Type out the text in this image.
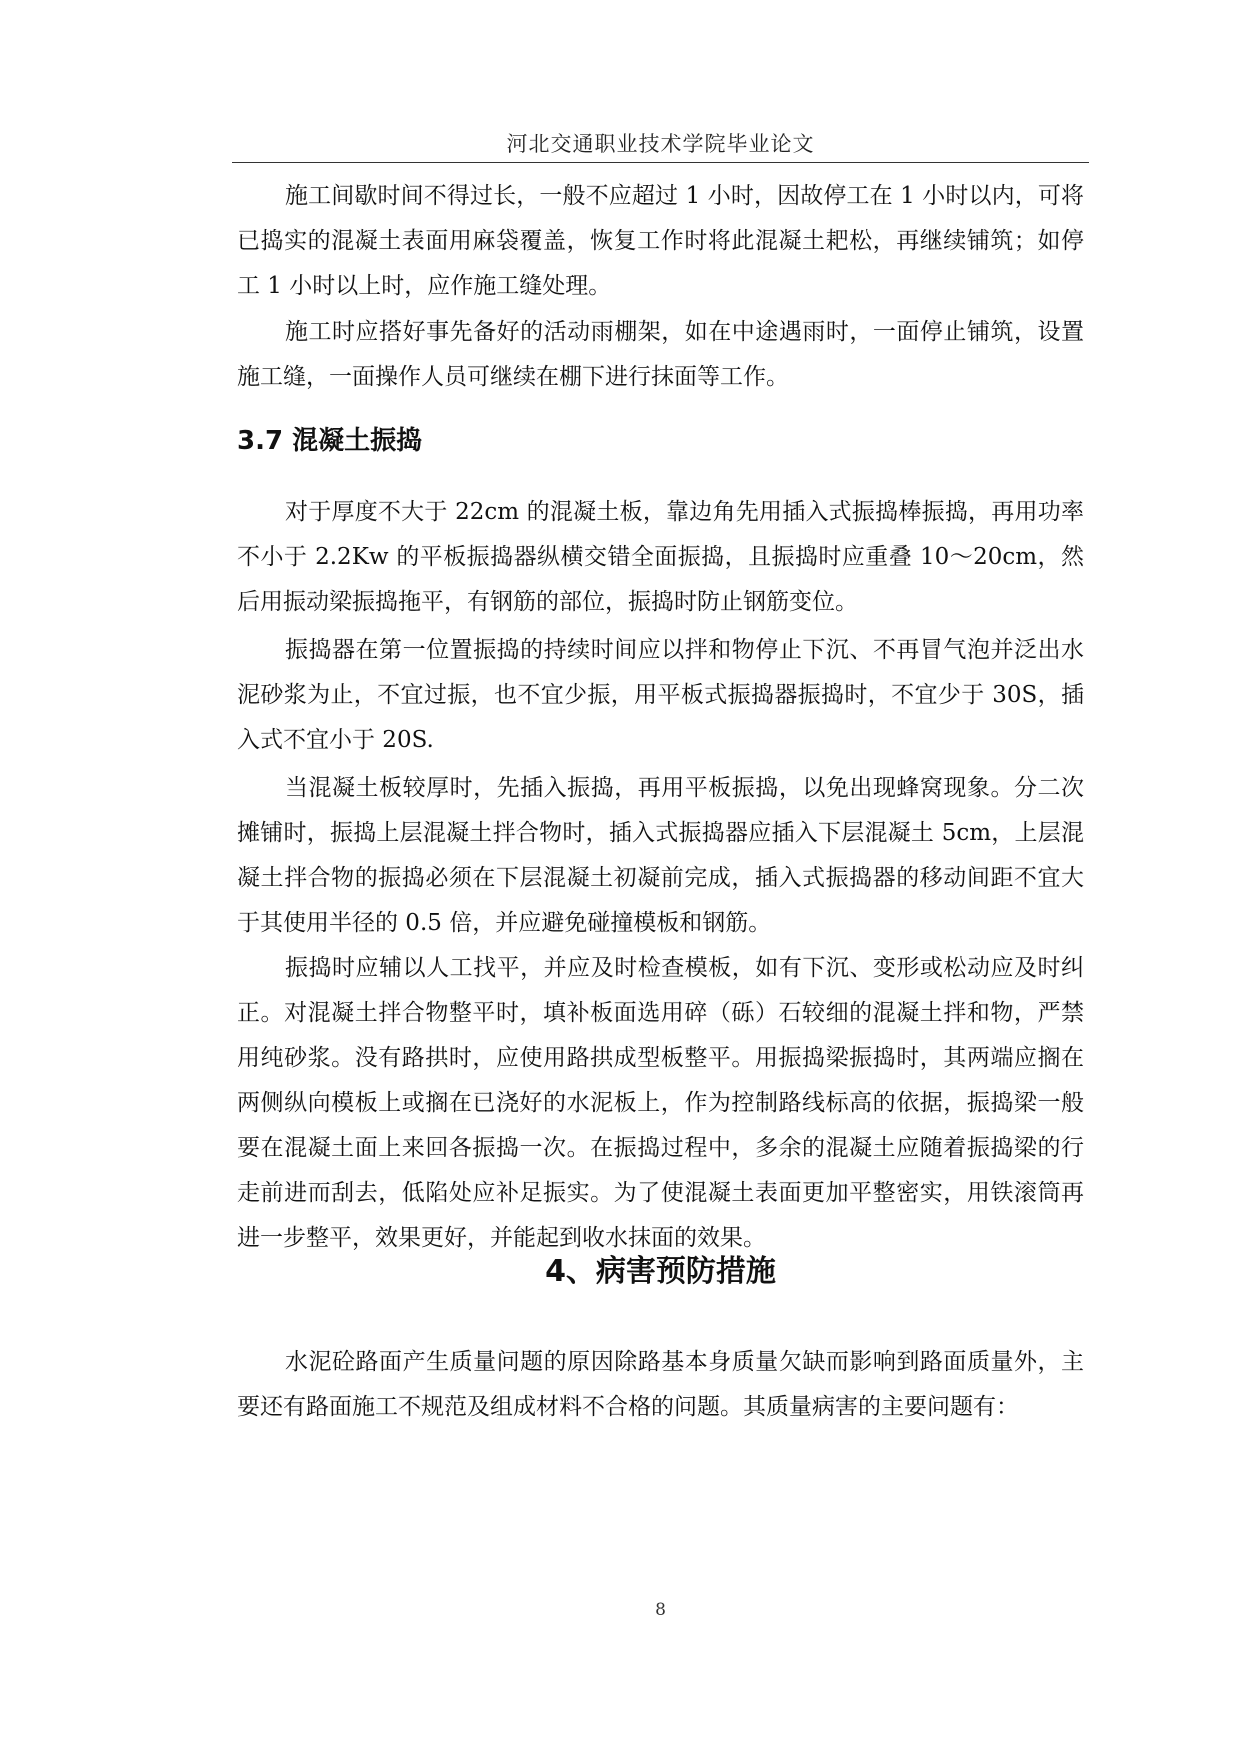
河北交通职业技术学院毕业论文

施工间歇时间不得过长，一般不应超过 1 小时，因故停工在 1 小时以内，可将已捣实的混凝土表面用麻袋覆盖，恢复工作时将此混凝土耙松，再继续铺筑；如停工 1 小时以上时，应作施工缝处理。

施工时应搭好事先备好的活动雨棚架，如在中途遇雨时，一面停止铺筑，设置施工缝，一面操作人员可继续在棚下进行抹面等工作。

3.7 混凝土振捣

对于厚度不大于 22cm 的混凝土板，靠边角先用插入式振捣棒振捣，再用功率不小于 2.2Kw 的平板振捣器纵横交错全面振捣，且振捣时应重叠 10～20cm，然后用振动梁振捣拖平，有钢筋的部位，振捣时防止钢筋变位。

振捣器在第一位置振捣的持续时间应以拌和物停止下沉、不再冒气泡并泛出水泥砂浆为止，不宜过振，也不宜少振，用平板式振捣器振捣时，不宜少于 30S，插入式不宜小于 20S.

当混凝土板较厚时，先插入振捣，再用平板振捣，以免出现蜂窝现象。分二次摊铺时，振捣上层混凝土拌合物时，插入式振捣器应插入下层混凝土 5cm，上层混凝土拌合物的振捣必须在下层混凝土初凝前完成，插入式振捣器的移动间距不宜大于其使用半径的 0.5 倍，并应避免碰撞模板和钢筋。

振捣时应辅以人工找平，并应及时检查模板，如有下沉、变形或松动应及时纠正。对混凝土拌合物整平时，填补板面选用碎（砾）石较细的混凝土拌和物，严禁用纯砂浆。没有路拱时，应使用路拱成型板整平。用振捣梁振捣时，其两端应搁在两侧纵向模板上或搁在已浇好的水泥板上，作为控制路线标高的依据，振捣梁一般要在混凝土面上来回各振捣一次。在振捣过程中，多余的混凝土应随着振捣梁的行走前进而刮去，低陷处应补足振实。为了使混凝土表面更加平整密实，用铁滚筒再进一步整平，效果更好，并能起到收水抹面的效果。

4、病害预防措施

水泥砼路面产生质量问题的原因除路基本身质量欠缺而影响到路面质量外，主要还有路面施工不规范及组成材料不合格的问题。其质量病害的主要问题有：

8
